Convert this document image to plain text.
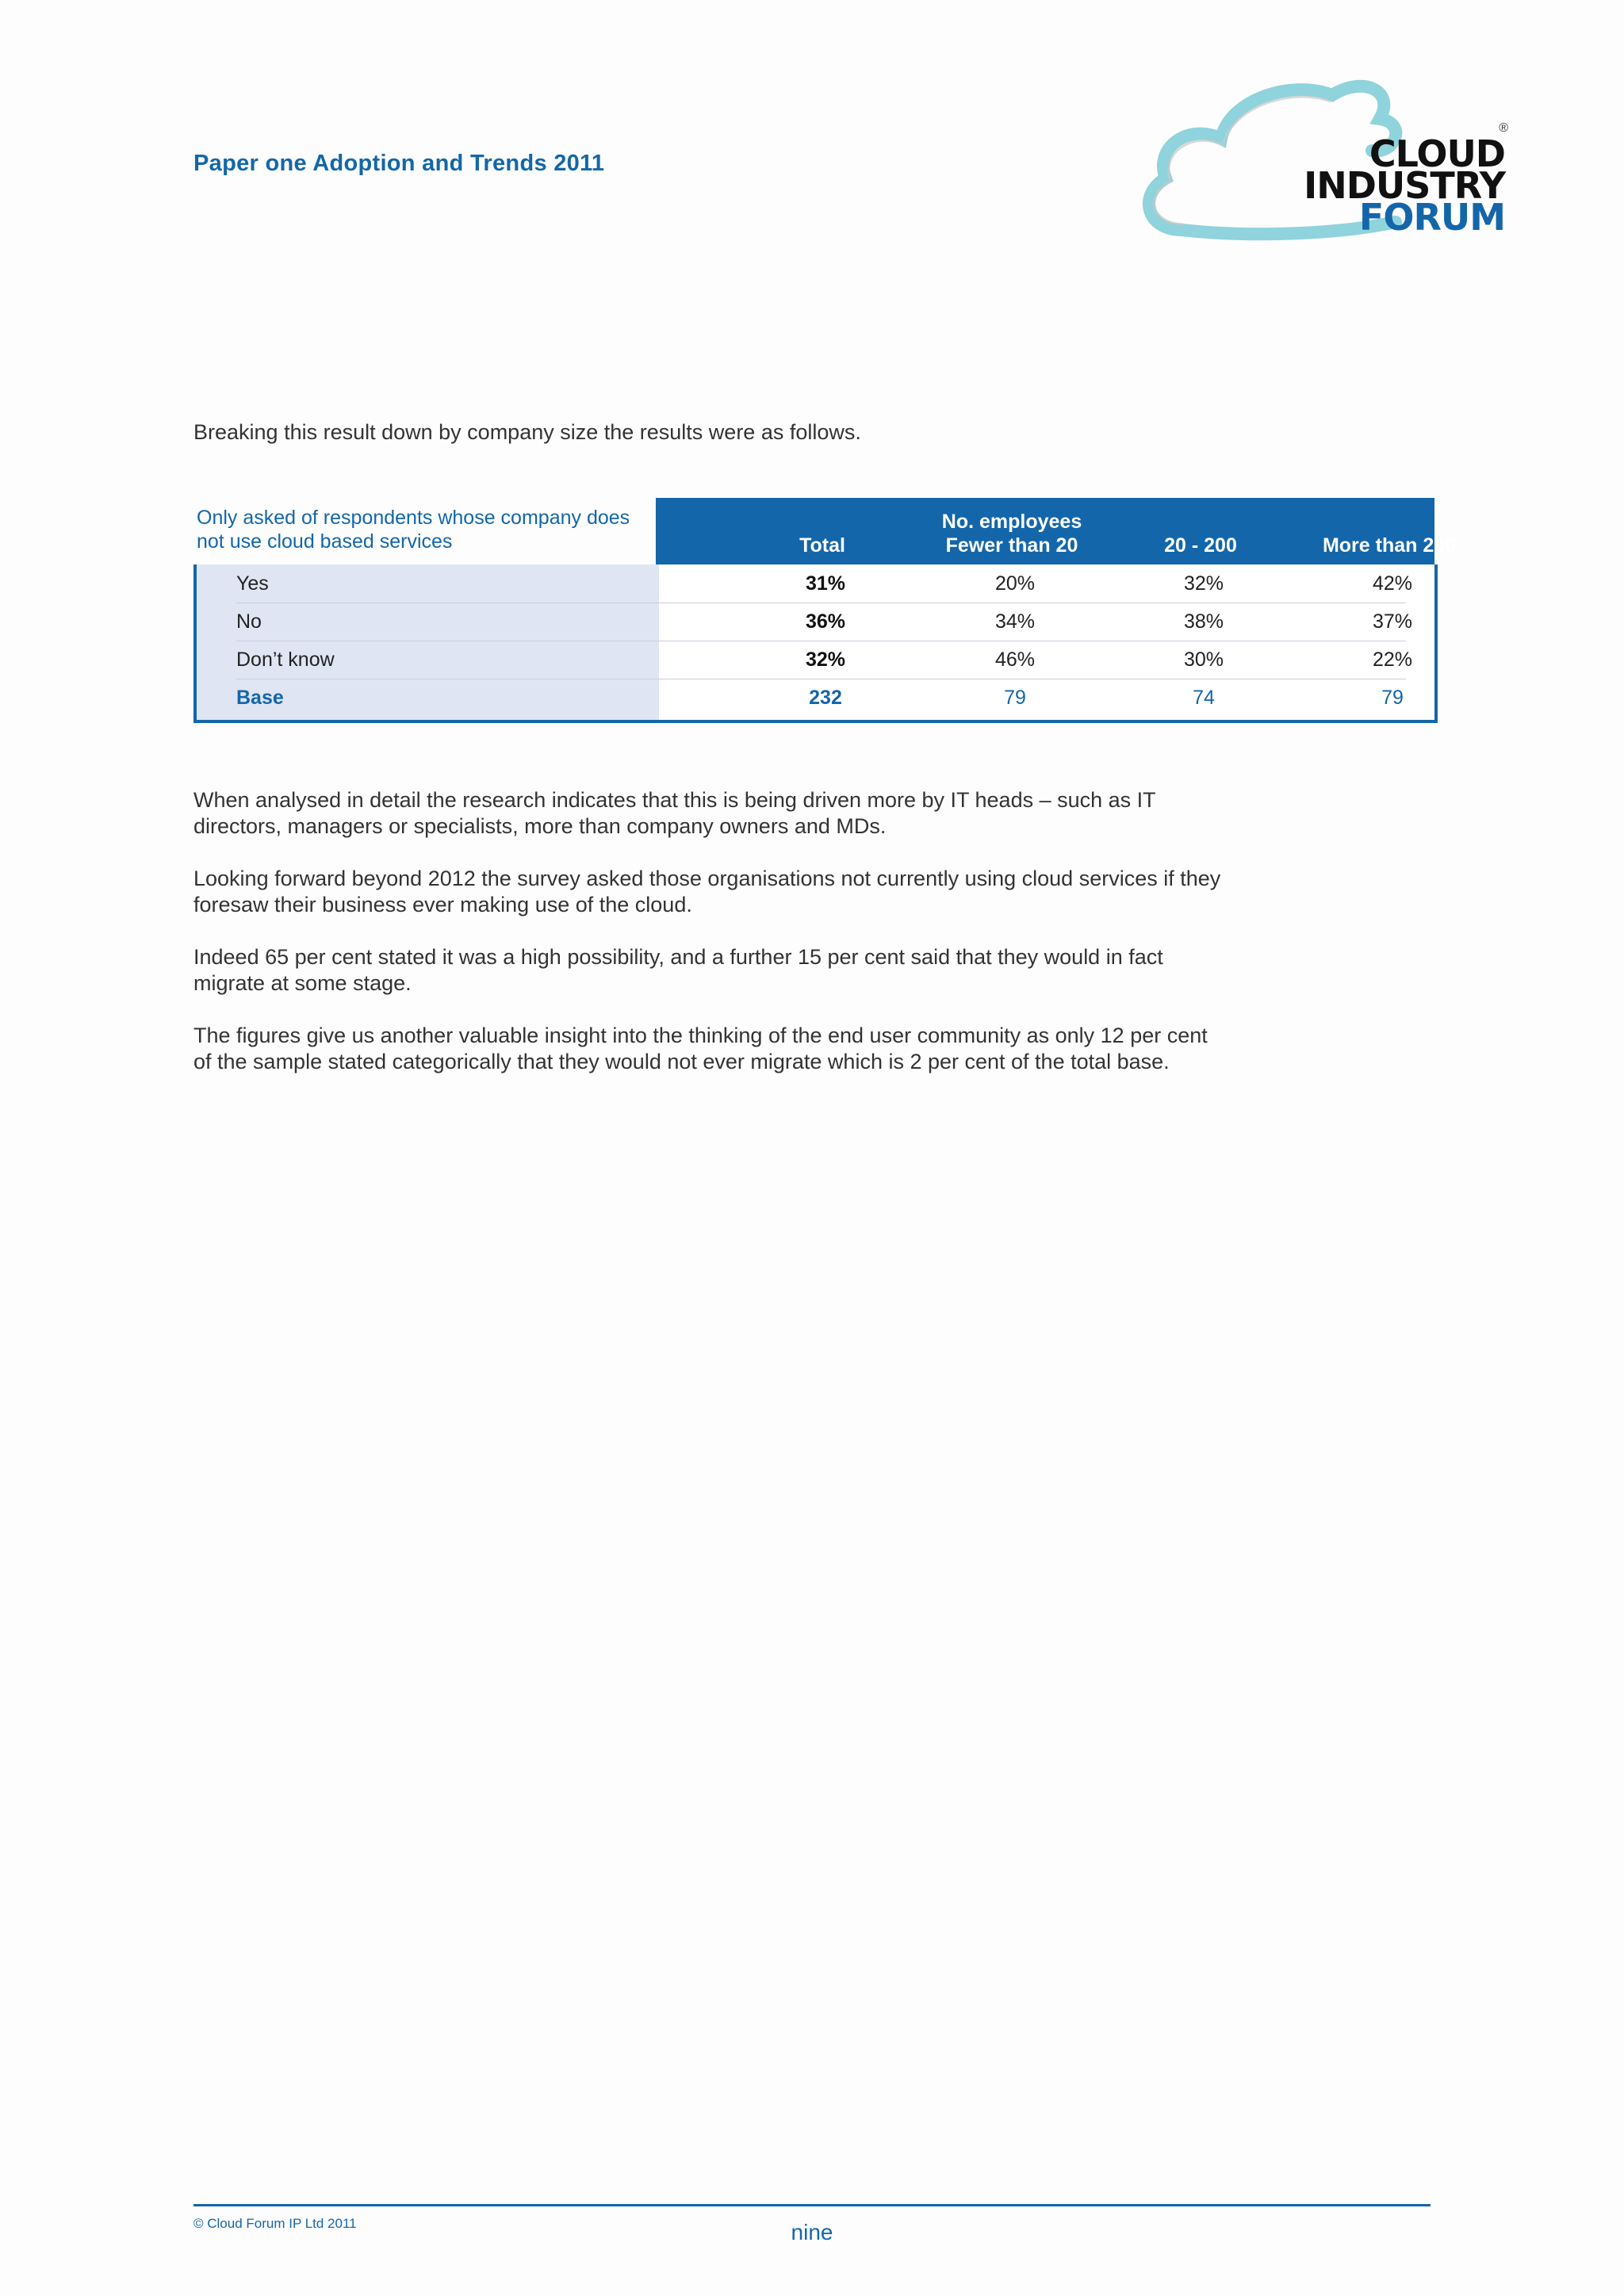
Paper one Adoption and Trends 2011
®
CLOUD
INDUSTRY
FORUM
Breaking this result down by company size the results were as follows.
Only asked of respondents whose company does not use cloud based services	Total
No. employees
Fewer than 20	20 - 200	More than 200
Yes	31%	20%	32%	42%
No	36%	34%	38%	37%
Don’t know	32%	46%	30%	22%
Base	232	79	74	79

When analysed in detail the research indicates that this is being driven more by IT heads – such as IT directors, managers or specialists, more than company owners and MDs.

Looking forward beyond 2012 the survey asked those organisations not currently using cloud services if they foresaw their business ever making use of the cloud.

Indeed 65 per cent stated it was a high possibility, and a further 15 per cent said that they would in fact migrate at some stage.

The figures give us another valuable insight into the thinking of the end user community as only 12 per cent of the sample stated categorically that they would not ever migrate which is 2 per cent of the total base.

© Cloud Forum IP Ltd 2011	nine
